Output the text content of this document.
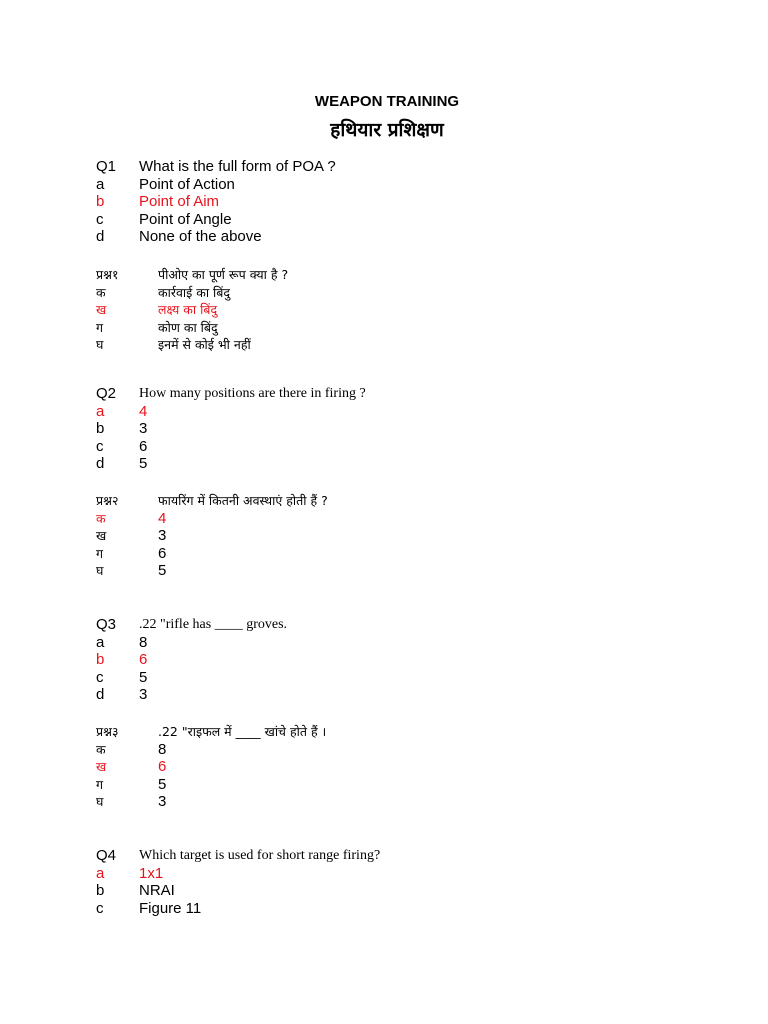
WEAPON TRAINING
हथियार प्रशिक्षण
Q1 What is the full form of POA ?
a Point of Action
b Point of Aim
c Point of Angle
d None of the above
प्रश्न१	पीओए का पूर्ण रूप क्या है ?
क	कार्रवाई का बिंदु
ख	लक्ष्य का बिंदु
ग	कोण का बिंदु
घ	इनमें से कोई भी नहीं
Q2 How many positions are there in firing ?
a 4
b 3
c 6
d 5
प्रश्न२	फायरिंग में कितनी अवस्थाएं होती हैं ?
क	4
ख	3
ग	6
घ	5
Q3 .22 "rifle has ____ groves.
a 8
b 6
c 5
d 3
प्रश्न३	.22 "राइफल में ____ खांचे होते हैं ।
क	8
ख	6
ग	5
घ	3
Q4 Which target is used for short range firing?
a 1x1
b NRAI
c Figure 11
